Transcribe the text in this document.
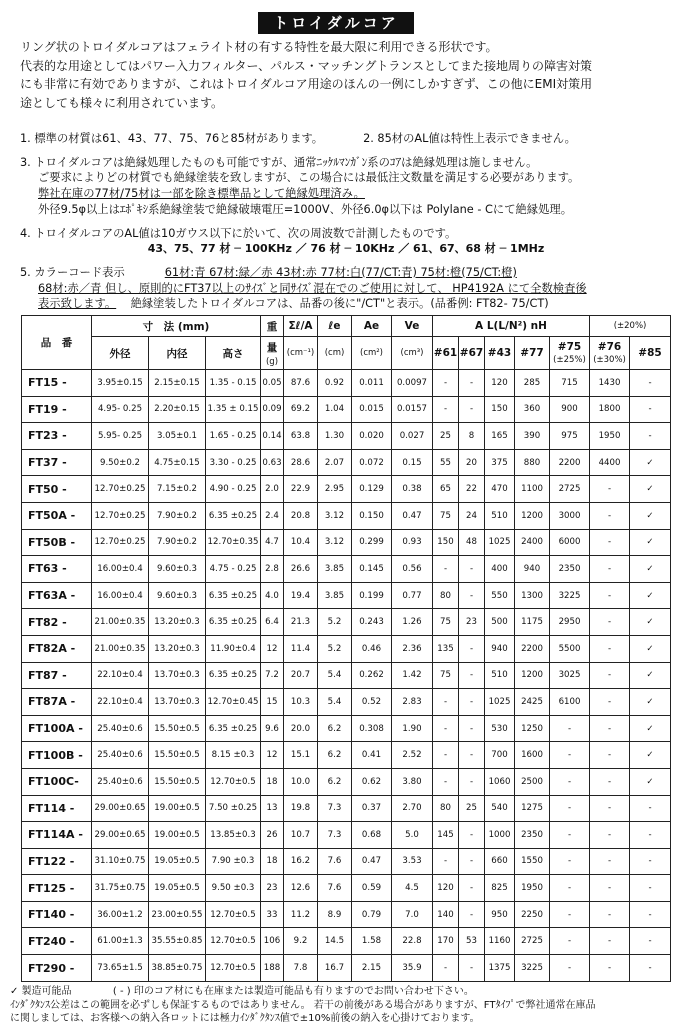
トロイダルコア

リング状のトロイダルコアはフェライト材の有する特性を最大限に利用できる形状です。

代表的な用途としてはパワー入力フィルター、パルス・マッチングトランスとしてまた接地周りの障害対策

にも非常に有効でありますが、これはトロイダルコア用途のほんの一例にしかすぎず、この他にEMI対策用

途としても様々に利用されています。

1. 標準の材質は61、43、77、75、76と85材があります。	2. 85材のAL値は特性上表示できません。

3. トロイダルコアは絶縁処理したものも可能ですが、通常ﾆｯｹﾙﾏﾝｶﾞﾝ系のｺｱは絶縁処理は施しません。

ご要求によりどの材質でも絶縁塗装を致しますが、この場合には最低注文数量を満足する必要があります。

弊社在庫の77材/75材は一部を除き標準品として絶縁処理済み。

外径9.5φ以上はｴﾎﾟｷｼ系絶縁塗装で絶縁破壊電圧=1000V、外径6.0φ以下は Polylane - Cにて絶縁処理。

4. トロイダルコアのAL値は10ガウス以下に於いて、次の周波数で計測したものです。

43、75、77 材 ─ 100KHz ／ 76 材 ─ 10KHz ／ 61、67、68 材 ─ 1MHz

5. カラーコード表示	61材:青 67材:緑／赤 43材:赤 77材:白(77/CT:青) 75材:橙(75/CT:橙)

68材:赤／青 但し、原則的にFT37以上のｻｲｽﾞと同ｻｲｽﾞ混在でのご使用に対して、 HP4192A にて全数検査後

表示致します。 絶縁塗装したトロイダルコアは、品番の後に"/CT"と表示。(品番例: FT82- 75/CT)

品　番	寸　法 (mm)			重	Σℓ/A	ℓe	Ae	Ve	A L(L/N²) nH					(±20%)	
	外径	内径	高さ	量
(g)	(cm⁻¹)	(cm)	(cm²)	(cm³)	#61	#67	#43	#77	#75
(±25%)	#76
(±30%)	#85
FT15 -	3.95±0.15	2.15±0.15	1.35 - 0.15	0.05	87.6	0.92	0.011	0.0097	-	-	120	285	715	1430	-
FT19 -	4.95- 0.25	2.20±0.15	1.35 ± 0.15	0.09	69.2	1.04	0.015	0.0157	-	-	150	360	900	1800	-
FT23 -	5.95- 0.25	3.05±0.1	1.65 - 0.25	0.14	63.8	1.30	0.020	0.027	25	8	165	390	975	1950	-
FT37 -	9.50±0.2	4.75±0.15	3.30 - 0.25	0.63	28.6	2.07	0.072	0.15	55	20	375	880	2200	4400	✓
FT50 -	12.70±0.25	7.15±0.2	4.90 - 0.25	2.0	22.9	2.95	0.129	0.38	65	22	470	1100	2725	-	✓
FT50A -	12.70±0.25	7.90±0.2	6.35 ±0.25	2.4	20.8	3.12	0.150	0.47	75	24	510	1200	3000	-	✓
FT50B -	12.70±0.25	7.90±0.2	12.70±0.35	4.7	10.4	3.12	0.299	0.93	150	48	1025	2400	6000	-	✓
FT63 -	16.00±0.4	9.60±0.3	4.75 - 0.25	2.8	26.6	3.85	0.145	0.56	-	-	400	940	2350	-	✓
FT63A -	16.00±0.4	9.60±0.3	6.35 ±0.25	4.0	19.4	3.85	0.199	0.77	80	-	550	1300	3225	-	✓
FT82 -	21.00±0.35	13.20±0.3	6.35 ±0.25	6.4	21.3	5.2	0.243	1.26	75	23	500	1175	2950	-	✓
FT82A -	21.00±0.35	13.20±0.3	11.90±0.4	12	11.4	5.2	0.46	2.36	135	-	940	2200	5500	-	✓
FT87 -	22.10±0.4	13.70±0.3	6.35 ±0.25	7.2	20.7	5.4	0.262	1.42	75	-	510	1200	3025	-	✓
FT87A -	22.10±0.4	13.70±0.3	12.70±0.45	15	10.3	5.4	0.52	2.83	-	-	1025	2425	6100	-	✓
FT100A -	25.40±0.6	15.50±0.5	6.35 ±0.25	9.6	20.0	6.2	0.308	1.90	-	-	530	1250	-	-	✓
FT100B -	25.40±0.6	15.50±0.5	8.15 ±0.3	12	15.1	6.2	0.41	2.52	-	-	700	1600	-	-	✓
FT100C-	25.40±0.6	15.50±0.5	12.70±0.5	18	10.0	6.2	0.62	3.80	-	-	1060	2500	-	-	✓
FT114 -	29.00±0.65	19.00±0.5	7.50 ±0.25	13	19.8	7.3	0.37	2.70	80	25	540	1275	-	-	-
FT114A -	29.00±0.65	19.00±0.5	13.85±0.3	26	10.7	7.3	0.68	5.0	145	-	1000	2350	-	-	-
FT122 -	31.10±0.75	19.05±0.5	7.90 ±0.3	18	16.2	7.6	0.47	3.53	-	-	660	1550	-	-	-
FT125 -	31.75±0.75	19.05±0.5	9.50 ±0.3	23	12.6	7.6	0.59	4.5	120	-	825	1950	-	-	-
FT140 -	36.00±1.2	23.00±0.55	12.70±0.5	33	11.2	8.9	0.79	7.0	140	-	950	2250	-	-	-
FT240 -	61.00±1.3	35.55±0.85	12.70±0.5	106	9.2	14.5	1.58	22.8	170	53	1160	2725	-	-	-
FT290 -	73.65±1.5	38.85±0.75	12.70±0.5	188	7.8	16.7	2.15	35.9	-	-	1375	3225	-	-	-

✓ 製造可能品	( - ) 印のコア材にも在庫または製造可能品も有りますのでお問い合わせ下さい。

ｲﾝﾀﾞｸﾀﾝｽ公差はこの範囲を必ずしも保証するものではありません。 若干の前後がある場合がありますが、FTﾀｲﾌﾟで弊社通常在庫品

に関しましては、お客様への納入各ロットには極力ｲﾝﾀﾞｸﾀﾝｽ値で±10%前後の納入を心掛けております。
